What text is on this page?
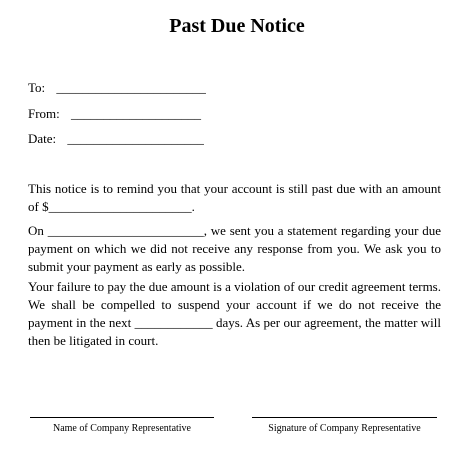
Past Due Notice
To: _______________________
From: ____________________
Date: _____________________
This notice is to remind you that your account is still past due with an amount of $______________________.
On ________________________, we sent you a statement regarding your due payment on which we did not receive any response from you. We ask you to submit your payment as early as possible.
Your failure to pay the due amount is a violation of our credit agreement terms. We shall be compelled to suspend your account if we do not receive the payment in the next ____________ days. As per our agreement, the matter will then be litigated in court.
Name of Company Representative	Signature of Company Representative
